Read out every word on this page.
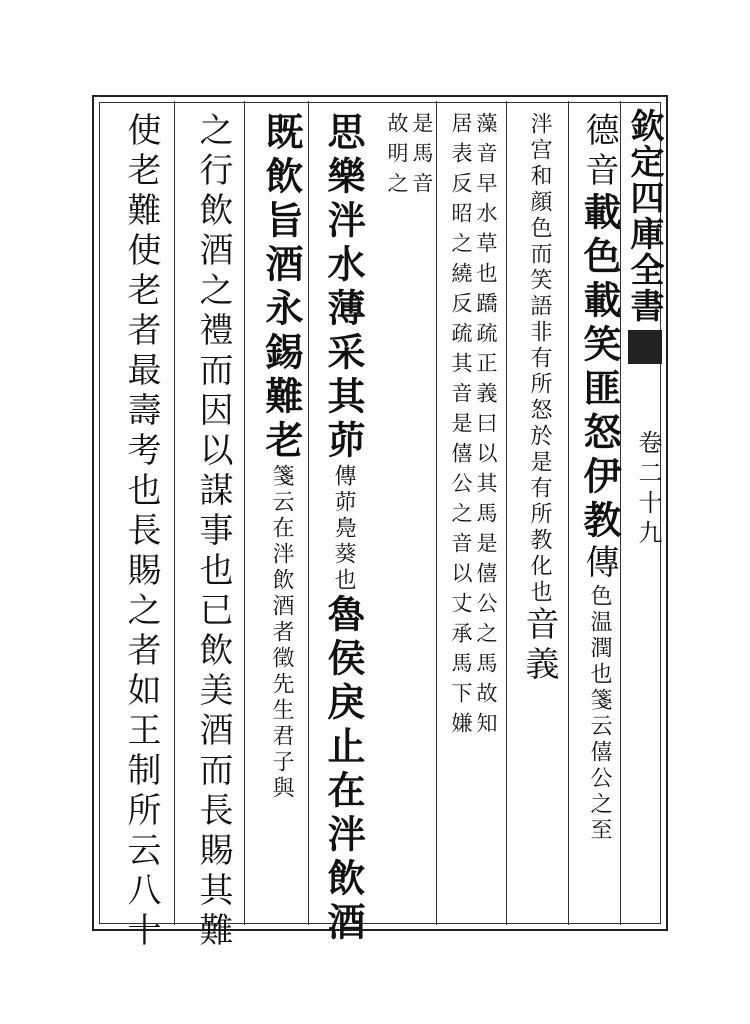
欽定四庫全書
卷二十九
德音載色載笑匪怒伊教傳色温潤也箋云僖公之至
泮宫和顔色而笑語非有所怒於是有所教化也音義
藻音早水草也蹻疏正義曰以其馬是僖公之馬故知
居表反昭之繞反疏其音是僖公之音以丈承馬下嫌
是馬音
故明之
思樂泮水薄采其茆傳茆鳧葵也魯侯戾止在泮飲酒
既飲旨酒永錫難老箋云在泮飲酒者徵先生君子與
之行飲酒之禮而因以謀事也已飲美酒而長賜其難
使老難使老者最壽考也長賜之者如王制所云八十
